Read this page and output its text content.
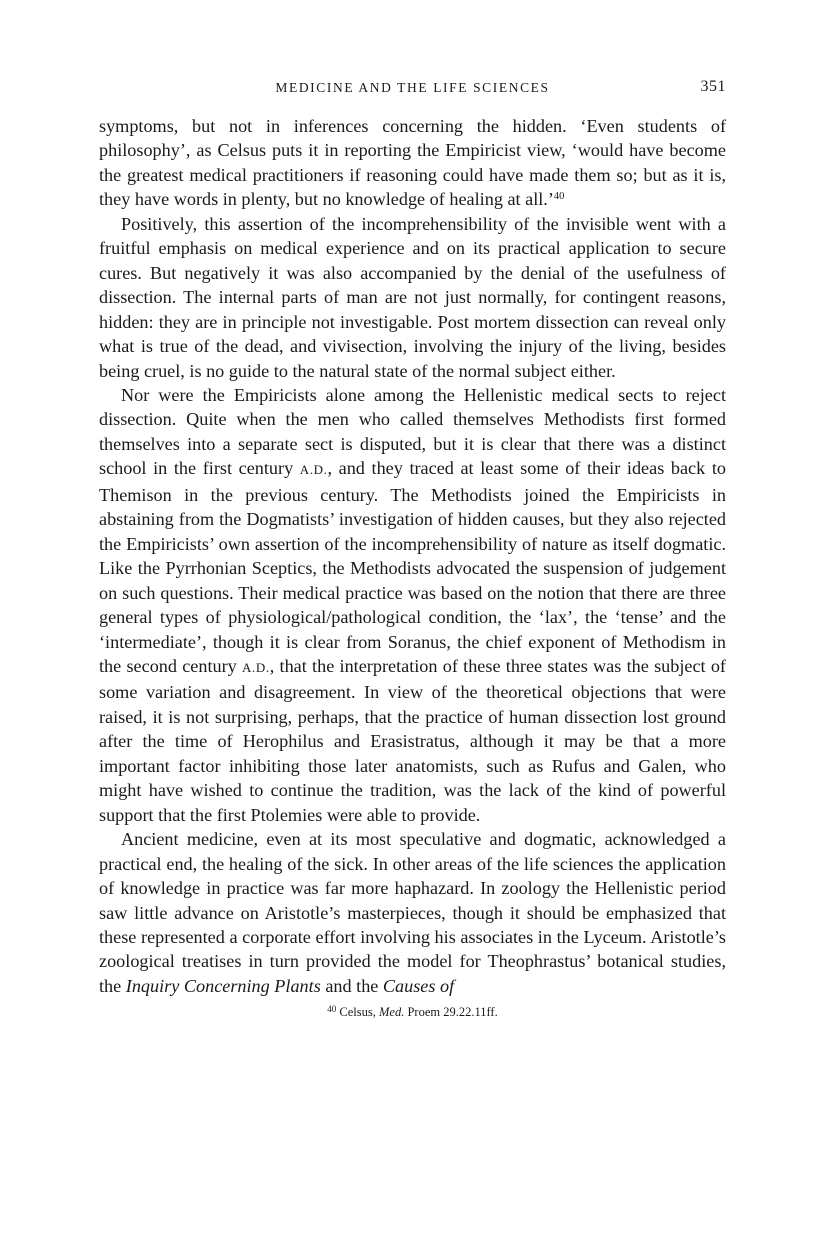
MEDICINE AND THE LIFE SCIENCES	351

symptoms, but not in inferences concerning the hidden. ‘Even students of philosophy’, as Celsus puts it in reporting the Empiricist view, ‘would have become the greatest medical practitioners if reasoning could have made them so; but as it is, they have words in plenty, but no knowledge of healing at all.’$^{40}$

Positively, this assertion of the incomprehensibility of the invisible went with a fruitful emphasis on medical experience and on its practical application to secure cures. But negatively it was also accompanied by the denial of the usefulness of dissection. The internal parts of man are not just normally, for contingent reasons, hidden: they are in principle not investigable. Post mortem dissection can reveal only what is true of the dead, and vivisection, involving the injury of the living, besides being cruel, is no guide to the natural state of the normal subject either.

Nor were the Empiricists alone among the Hellenistic medical sects to reject dissection. Quite when the men who called themselves Methodists first formed themselves into a separate sect is disputed, but it is clear that there was a distinct school in the first century A.D., and they traced at least some of their ideas back to Themison in the previous century. The Methodists joined the Empiricists in abstaining from the Dogmatists’ investigation of hidden causes, but they also rejected the Empiricists’ own assertion of the incomprehensibility of nature as itself dogmatic. Like the Pyrrhonian Sceptics, the Methodists advocated the suspension of judgement on such questions. Their medical practice was based on the notion that there are three general types of physiological/pathological condition, the ‘lax’, the ‘tense’ and the ‘intermediate’, though it is clear from Soranus, the chief exponent of Methodism in the second century A.D., that the interpretation of these three states was the subject of some variation and disagreement. In view of the theoretical objections that were raised, it is not surprising, perhaps, that the practice of human dissection lost ground after the time of Herophilus and Erasistratus, although it may be that a more important factor inhibiting those later anatomists, such as Rufus and Galen, who might have wished to continue the tradition, was the lack of the kind of powerful support that the first Ptolemies were able to provide.

Ancient medicine, even at its most speculative and dogmatic, acknowledged a practical end, the healing of the sick. In other areas of the life sciences the application of knowledge in practice was far more haphazard. In zoology the Hellenistic period saw little advance on Aristotle’s masterpieces, though it should be emphasized that these represented a corporate effort involving his associates in the Lyceum. Aristotle’s zoological treatises in turn provided the model for Theophrastus’ botanical studies, the Inquiry Concerning Plants and the Causes of

$^{40}$ Celsus, Med. Proem 29.22.11ff.
